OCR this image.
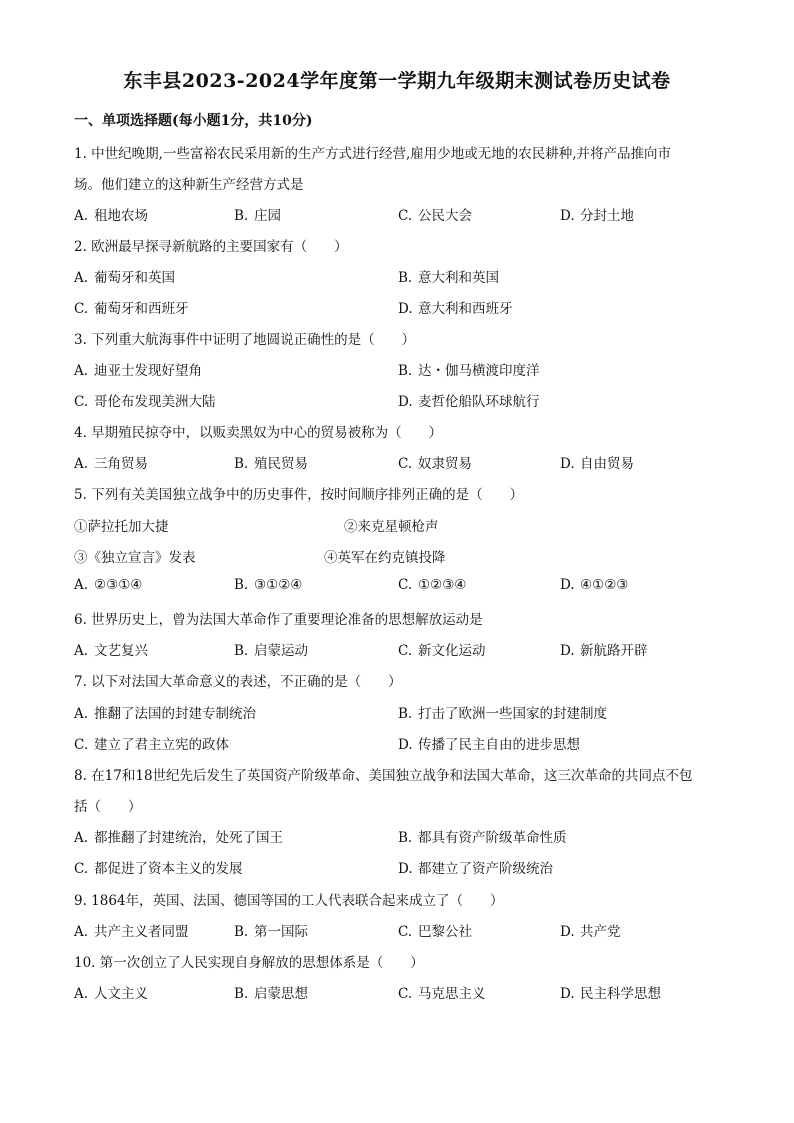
东丰县2023-2024学年度第一学期九年级期末测试卷历史试卷
一、单项选择题(每小题1分，共10分)
1. 中世纪晚期,一些富裕农民采用新的生产方式进行经营,雇用少地或无地的农民耕种,并将产品推向市
场。他们建立的这种新生产经营方式是
A. 租地农场	B. 庄园	C. 公民大会	D. 分封土地
2. 欧洲最早探寻新航路的主要国家有（　　）
A. 葡萄牙和英国	B. 意大利和英国
C. 葡萄牙和西班牙	D. 意大利和西班牙
3. 下列重大航海事件中证明了地圆说正确性的是（　　）
A. 迪亚士发现好望角	B. 达・伽马横渡印度洋
C. 哥伦布发现美洲大陆	D. 麦哲伦船队环球航行
4. 早期殖民掠夺中，以贩卖黑奴为中心的贸易被称为（　　）
A. 三角贸易	B. 殖民贸易	C. 奴隶贸易	D. 自由贸易
5. 下列有关美国独立战争中的历史事件，按时间顺序排列正确的是（　　）
①萨拉托加大捷	②来克星顿枪声
③《独立宣言》发表	④英军在约克镇投降
A. ②③①④	B. ③①②④	C. ①②③④	D. ④①②③
6. 世界历史上，曾为法国大革命作了重要理论准备的思想解放运动是
A. 文艺复兴	B. 启蒙运动	C. 新文化运动	D. 新航路开辟
7. 以下对法国大革命意义的表述，不正确的是（　　）
A. 推翻了法国的封建专制统治	B. 打击了欧洲一些国家的封建制度
C. 建立了君主立宪的政体	D. 传播了民主自由的进步思想
8. 在17和18世纪先后发生了英国资产阶级革命、美国独立战争和法国大革命，这三次革命的共同点不包
括（　　）
A. 都推翻了封建统治，处死了国王	B. 都具有资产阶级革命性质
C. 都促进了资本主义的发展	D. 都建立了资产阶级统治
9. 1864年，英国、法国、德国等国的工人代表联合起来成立了（　　）
A. 共产主义者同盟	B. 第一国际	C. 巴黎公社	D. 共产党
10. 第一次创立了人民实现自身解放的思想体系是（　　）
A. 人文主义	B. 启蒙思想	C. 马克思主义	D. 民主科学思想
